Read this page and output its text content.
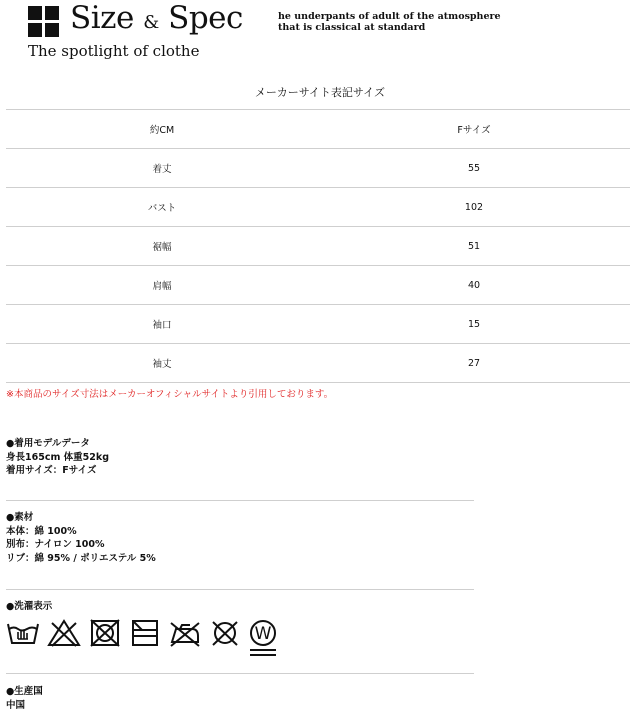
Size & Spec
The spotlight of clothe
he underpants of adult of the atmosphere
that is classical at standard
メーカーサイト表記サイズ
約CM	Fサイズ
着丈	55
バスト	102
裾幅	51
肩幅	40
袖口	15
袖丈	27
※本商品のサイズ寸法はメーカーオフィシャルサイトより引用しております。
●着用モデルデータ
身長165cm 体重52kg
着用サイズ：Fサイズ
●素材
本体：綿 100%
別布：ナイロン 100%
リブ：綿 95% / ポリエステル 5%
●洗濯表示
W
●生産国
中国
